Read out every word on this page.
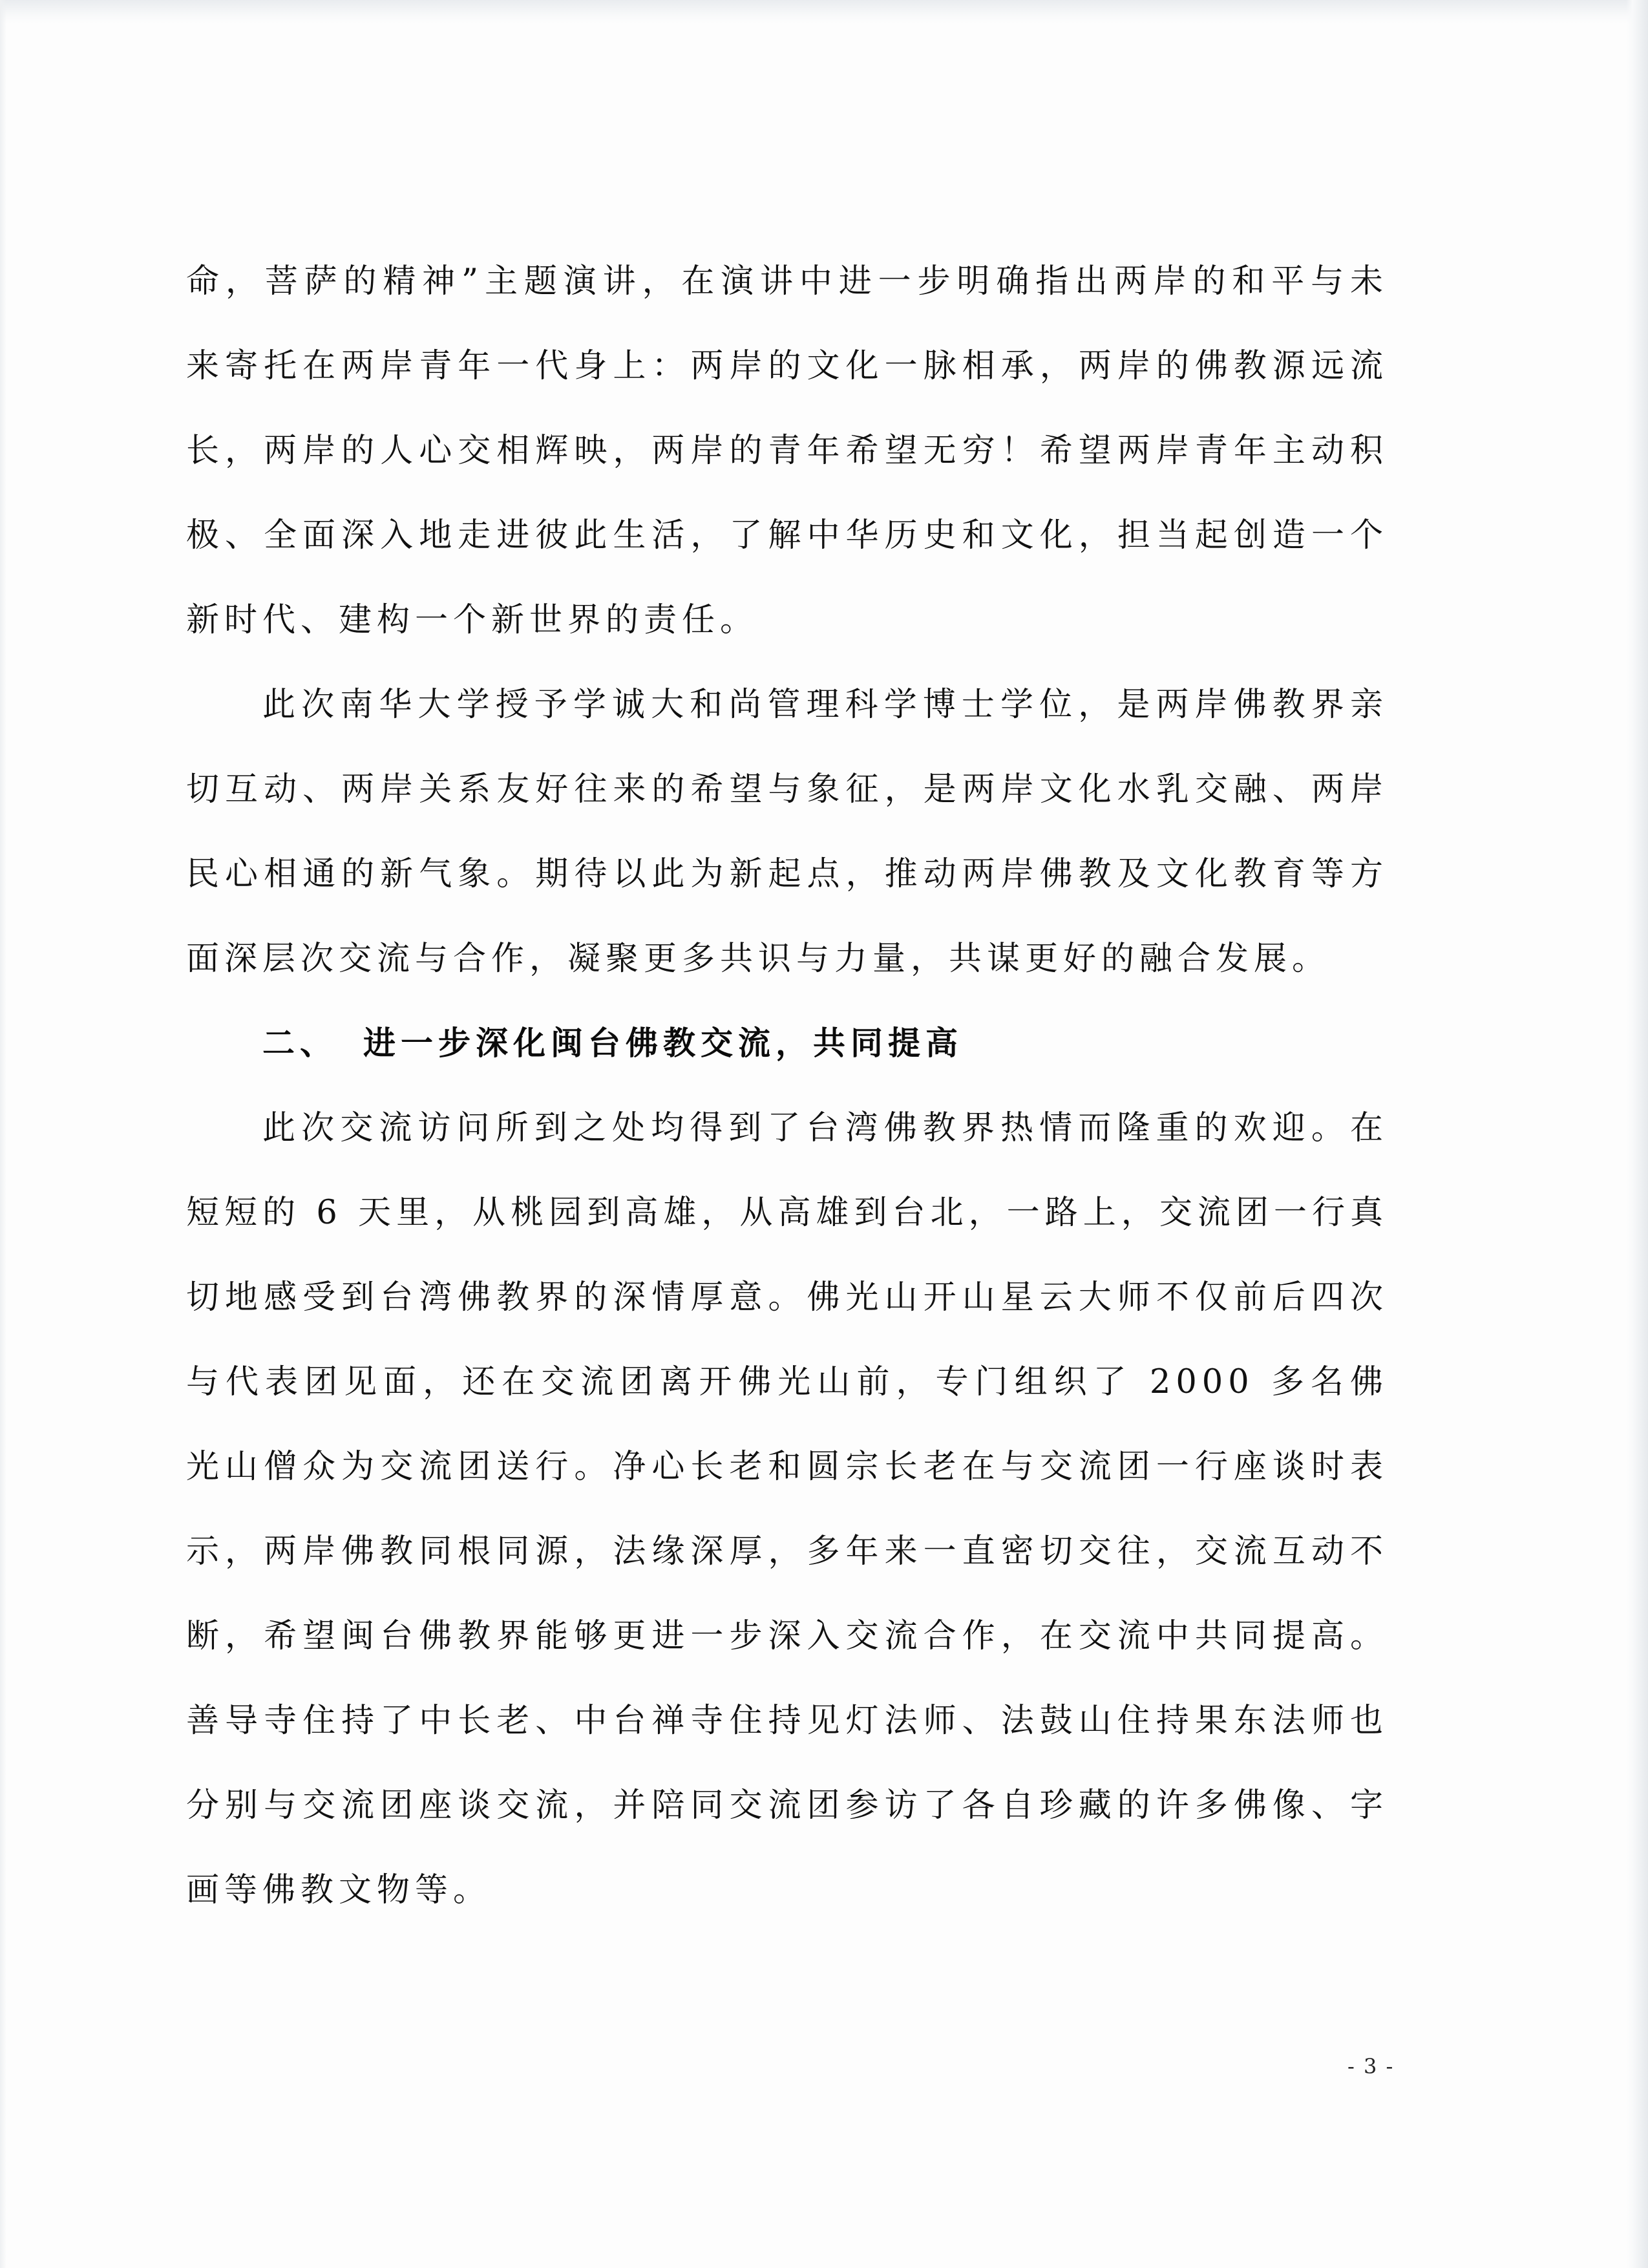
命，菩萨的精神”主题演讲，在演讲中进一步明确指出两岸的和平与未来寄托在两岸青年一代身上：两岸的文化一脉相承，两岸的佛教源远流长，两岸的人心交相辉映，两岸的青年希望无穷！希望两岸青年主动积极、全面深入地走进彼此生活，了解中华历史和文化，担当起创造一个新时代、建构一个新世界的责任。

此次南华大学授予学诚大和尚管理科学博士学位，是两岸佛教界亲切互动、两岸关系友好往来的希望与象征，是两岸文化水乳交融、两岸民心相通的新气象。期待以此为新起点，推动两岸佛教及文化教育等方面深层次交流与合作，凝聚更多共识与力量，共谋更好的融合发展。

二、 进一步深化闽台佛教交流，共同提高

此次交流访问所到之处均得到了台湾佛教界热情而隆重的欢迎。在短短的 6 天里，从桃园到高雄，从高雄到台北，一路上，交流团一行真切地感受到台湾佛教界的深情厚意。佛光山开山星云大师不仅前后四次与代表团见面，还在交流团离开佛光山前，专门组织了 2000 多名佛光山僧众为交流团送行。净心长老和圆宗长老在与交流团一行座谈时表示，两岸佛教同根同源，法缘深厚，多年来一直密切交往，交流互动不断，希望闽台佛教界能够更进一步深入交流合作，在交流中共同提高。善导寺住持了中长老、中台禅寺住持见灯法师、法鼓山住持果东法师也分别与交流团座谈交流，并陪同交流团参访了各自珍藏的许多佛像、字画等佛教文物等。

- 3 -
